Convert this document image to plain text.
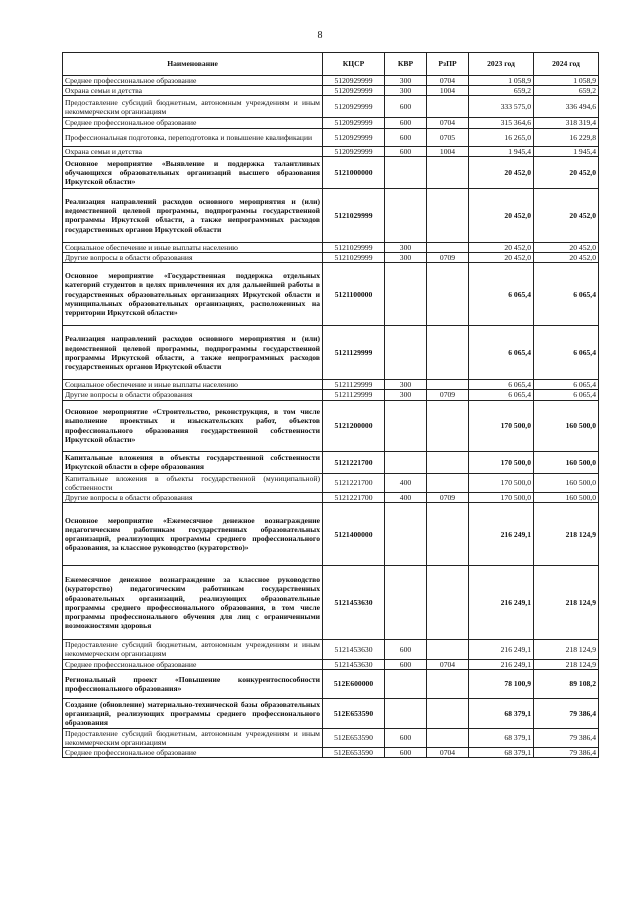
8
Наименование	КЦСР	КВР	РзПР	2023 год	2024 год
Среднее профессиональное образование	5120929999	300	0704	1 058,9	1 058,9
Охрана семьи и детства	5120929999	300	1004	659,2	659,2
Предоставление субсидий бюджетным, автономным учреждениям и иным некоммерческим организациям	5120929999	600		333 575,0	336 494,6
Среднее профессиональное образование	5120929999	600	0704	315 364,6	318 319,4
Профессиональная подготовка, переподготовка и повышение квалификации	5120929999	600	0705	16 265,0	16 229,8
Охрана семьи и детства	5120929999	600	1004	1 945,4	1 945,4
Основное мероприятие «Выявление и поддержка талантливых обучающихся образовательных организаций высшего образования Иркутской области»	5121000000			20 452,0	20 452,0
Реализация направлений расходов основного мероприятия и (или) ведомственной целевой программы, подпрограммы государственной программы Иркутской области, а также непрограммных расходов государственных органов Иркутской области	5121029999			20 452,0	20 452,0
Социальное обеспечение и иные выплаты населению	5121029999	300		20 452,0	20 452,0
Другие вопросы в области образования	5121029999	300	0709	20 452,0	20 452,0
Основное мероприятие «Государственная поддержка отдельных категорий студентов в целях привлечения их для дальнейшей работы в государственных образовательных организациях Иркутской области и муниципальных образовательных организациях, расположенных на территории Иркутской области»	5121100000			6 065,4	6 065,4
Реализация направлений расходов основного мероприятия и (или) ведомственной целевой программы, подпрограммы государственной программы Иркутской области, а также непрограммных расходов государственных органов Иркутской области	5121129999			6 065,4	6 065,4
Социальное обеспечение и иные выплаты населению	5121129999	300		6 065,4	6 065,4
Другие вопросы в области образования	5121129999	300	0709	6 065,4	6 065,4
Основное мероприятие «Строительство, реконструкция, в том числе выполнение проектных и изыскательских работ, объектов профессионального образования государственной собственности Иркутской области»	5121200000			170 500,0	160 500,0
Капитальные вложения в объекты государственной собственности Иркутской области в сфере образования	5121221700			170 500,0	160 500,0
Капитальные вложения в объекты государственной (муниципальной) собственности	5121221700	400		170 500,0	160 500,0
Другие вопросы в области образования	5121221700	400	0709	170 500,0	160 500,0
Основное мероприятие «Ежемесячное денежное вознаграждение педагогическим работникам государственных образовательных организаций, реализующих программы среднего профессионального образования, за классное руководство (кураторство)»	5121400000			216 249,1	218 124,9
Ежемесячное денежное вознаграждение за классное руководство (кураторство) педагогическим работникам государственных образовательных организаций, реализующих образовательные программы среднего профессионального образования, в том числе программы профессионального обучения для лиц с ограниченными возможностями здоровья	5121453630			216 249,1	218 124,9
Предоставление субсидий бюджетным, автономным учреждениям и иным некоммерческим организациям	5121453630	600		216 249,1	218 124,9
Среднее профессиональное образование	5121453630	600	0704	216 249,1	218 124,9
Региональный проект «Повышение конкурентоспособности профессионального образования»	512E600000			78 100,9	89 108,2
Создание (обновление) материально-технической базы образовательных организаций, реализующих программы среднего профессионального образования	512E653590			68 379,1	79 386,4
Предоставление субсидий бюджетным, автономным учреждениям и иным некоммерческим организациям	512E653590	600		68 379,1	79 386,4
Среднее профессиональное образование	512E653590	600	0704	68 379,1	79 386,4
